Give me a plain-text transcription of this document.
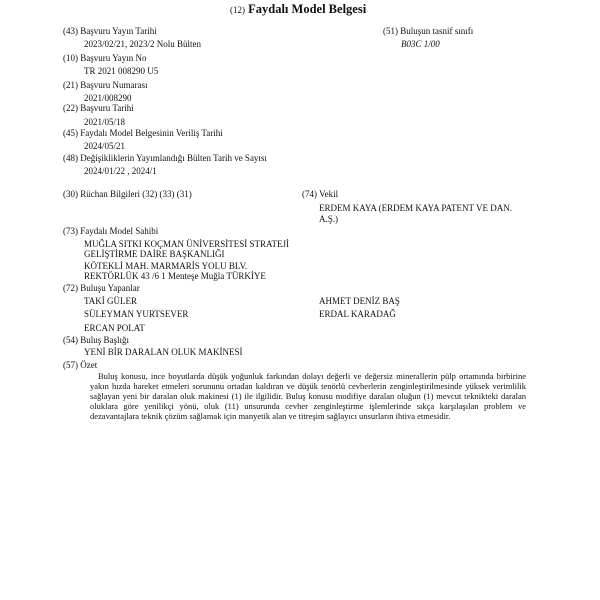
(12) Faydalı Model Belgesi
(43) Başvuru Yayın Tarihi
2023/02/21, 2023/2 Nolu Bülten
(10) Başvuru Yayın No
TR 2021 008290 U5
(21) Başvuru Numarası
2021/008290
(22) Başvuru Tarihi
2021/05/18
(45) Faydalı Model Belgesinin Veriliş Tarihi
2024/05/21
(48) Değişikliklerin Yayımlandığı Bülten Tarih ve Sayısı
2024/01/22 , 2024/1
(51) Buluşun tasnif sınıfı
B03C 1/00
(30) Rüchan Bilgileri (32) (33) (31)	(74) Vekil
ERDEM KAYA (ERDEM KAYA PATENT VE DAN.
A.Ş.)
(73) Faydalı Model Sahibi
MUĞLA SITKI KOÇMAN ÜNİVERSİTESİ STRATEJİ
GELİŞTİRME DAİRE BAŞKANLIĞI
KÖTEKLİ MAH. MARMARİS YOLU BLV.
REKTÖRLÜK 43 /6 1 Menteşe Muğla TÜRKİYE
(72) Buluşu Yapanlar
TAKİ GÜLER
SÜLEYMAN YURTSEVER
ERCAN POLAT
AHMET DENİZ BAŞ
ERDAL KARADAĞ
(54) Buluş Başlığı
YENİ BİR DARALAN OLUK MAKİNESİ
(57) Özet
Buluş konusu, ince boyutlarda düşük yoğunluk farkından dolayı değerli ve değersiz minerallerin pülp ortamında birbirine yakın hızda hareket etmeleri sorununu ortadan kaldıran ve düşük tenörlü cevherlerin zenginleştirilmesinde yüksek verimlilik sağlayan yeni bir daralan oluk makinesi (1) ile ilgilidir. Buluş konusu modifiye daralan oluğun (1) mevcut teknikteki daralan oluklara göre yenilikçi yönü, oluk (11) unsurunda cevher zenginleştirme işlemlerinde sıkça karşılaşılan problem ve dezavantajlara teknik çözüm sağlamak için manyetik alan ve titreşim sağlayıcı unsurların ihtiva etmesidir.
